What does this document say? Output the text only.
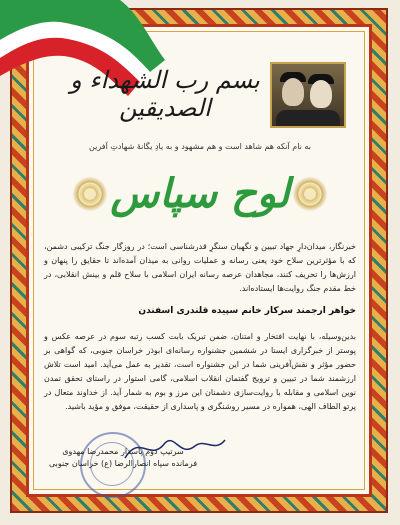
بسم رب الشهداء و الصدیقین
به نام آنکه هم شاهد است و هم مشهود و به یادِ یگانهٔ شهادتِ آفرین
لوح سپاس
خبرنگار، میدان‌دارِ جهاد تبیین و نگهبان سنگرِ قدرشناسی است؛ در روزگار جنگ ترکیبی دشمن، که با مؤثرترین سلاح خود یعنی رسانه و عملیات روانی به میدان آمده‌اند تا حقایق را پنهان و ارزش‌ها را تحریف کنند، مجاهدان عرصه رسانه ایران اسلامی با سلاح قلم و بینش انقلابی، در خط مقدم جنگ روایت‌ها ایستاده‌اند.
خواهر ارجمند سرکار خانم سپیده قلندری اسفندن
بدین‌وسیله، با نهایت افتخار و امتنان، ضمن تبریک بابت کسب رتبه سوم در عرصه عکس و پوستر از خبرگزاری ایسنا در ششمین جشنواره رسانه‌ای ابوذر خراسان جنوبی، که گواهی بر حضور مؤثر و نقش‌آفرینی شما در این جشنواره است، تقدیر به عمل می‌آید. امید است تلاش ارزشمند شما در تبیین و ترویج گفتمان انقلاب اسلامی، گامی استوار در راستای تحقق تمدن نوین اسلامی و مقابله با روایت‌سازی دشمنان این مرز و بوم به شمار آید. از خداوند متعال در پرتو الطاف الهی، همواره در مسیر روشنگری و پاسداری از حقیقت، موفق و مؤید باشید.
سرتیپ دوم پاسدار محمدرضا مهدوی
فرمانده سپاه انصارالرضا (ع) خراسان جنوبی
